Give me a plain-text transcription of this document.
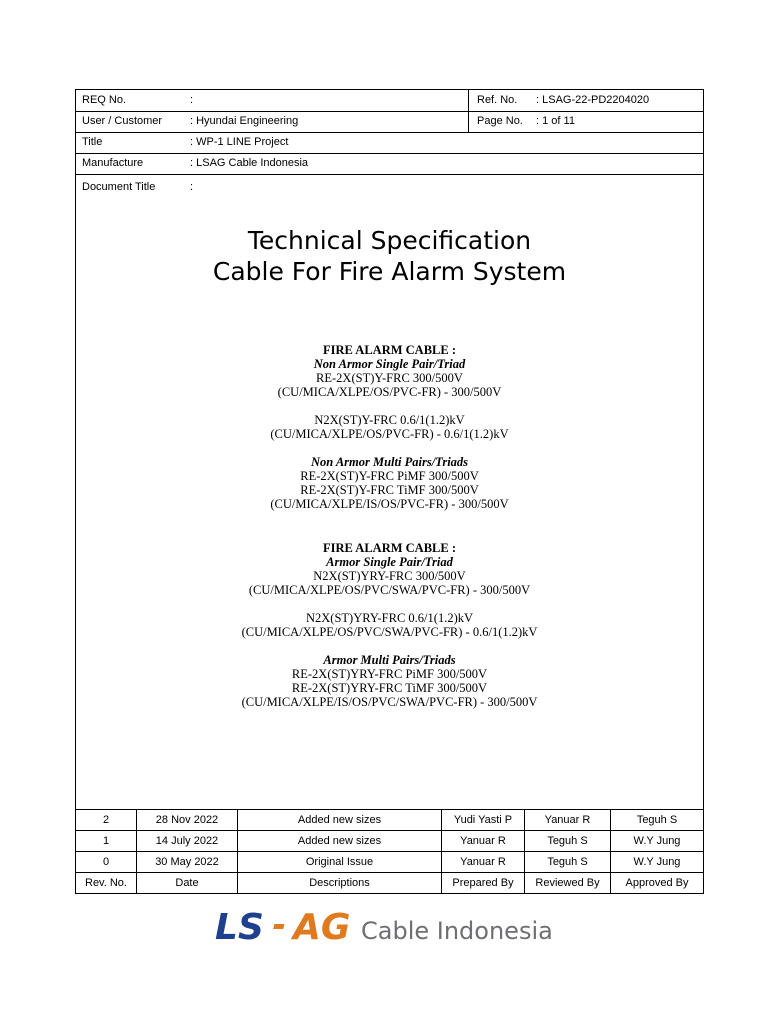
REQ No.	:	Ref. No. : LSAG-22-PD2204020
User / Customer	: Hyundai Engineering	Page No. : 1 of 11
Title	: WP-1 LINE Project
Manufacture	: LSAG Cable Indonesia
Document Title	:
Technical Specification
Cable For Fire Alarm System
FIRE ALARM CABLE :
Non Armor Single Pair/Triad
RE-2X(ST)Y-FRC 300/500V
(CU/MICA/XLPE/OS/PVC-FR) - 300/500V

N2X(ST)Y-FRC 0.6/1(1.2)kV
(CU/MICA/XLPE/OS/PVC-FR) - 0.6/1(1.2)kV

Non Armor Multi Pairs/Triads
RE-2X(ST)Y-FRC PiMF 300/500V
RE-2X(ST)Y-FRC TiMF 300/500V
(CU/MICA/XLPE/IS/OS/PVC-FR) - 300/500V
FIRE ALARM CABLE :
Armor Single Pair/Triad
N2X(ST)YRY-FRC 300/500V
(CU/MICA/XLPE/OS/PVC/SWA/PVC-FR) - 300/500V

N2X(ST)YRY-FRC 0.6/1(1.2)kV
(CU/MICA/XLPE/OS/PVC/SWA/PVC-FR) - 0.6/1(1.2)kV

Armor Multi Pairs/Triads
RE-2X(ST)YRY-FRC PiMF 300/500V
RE-2X(ST)YRY-FRC TiMF 300/500V
(CU/MICA/XLPE/IS/OS/PVC/SWA/PVC-FR) - 300/500V
2	28 Nov 2022	Added new sizes	Yudi Yasti P	Yanuar R	Teguh S
1	14 July 2022	Added new sizes	Yanuar R	Teguh S	W.Y Jung
0	30 May 2022	Original Issue	Yanuar R	Teguh S	W.Y Jung
Rev. No.	Date	Descriptions	Prepared By	Reviewed By	Approved By
LS AG Cable Indonesia
